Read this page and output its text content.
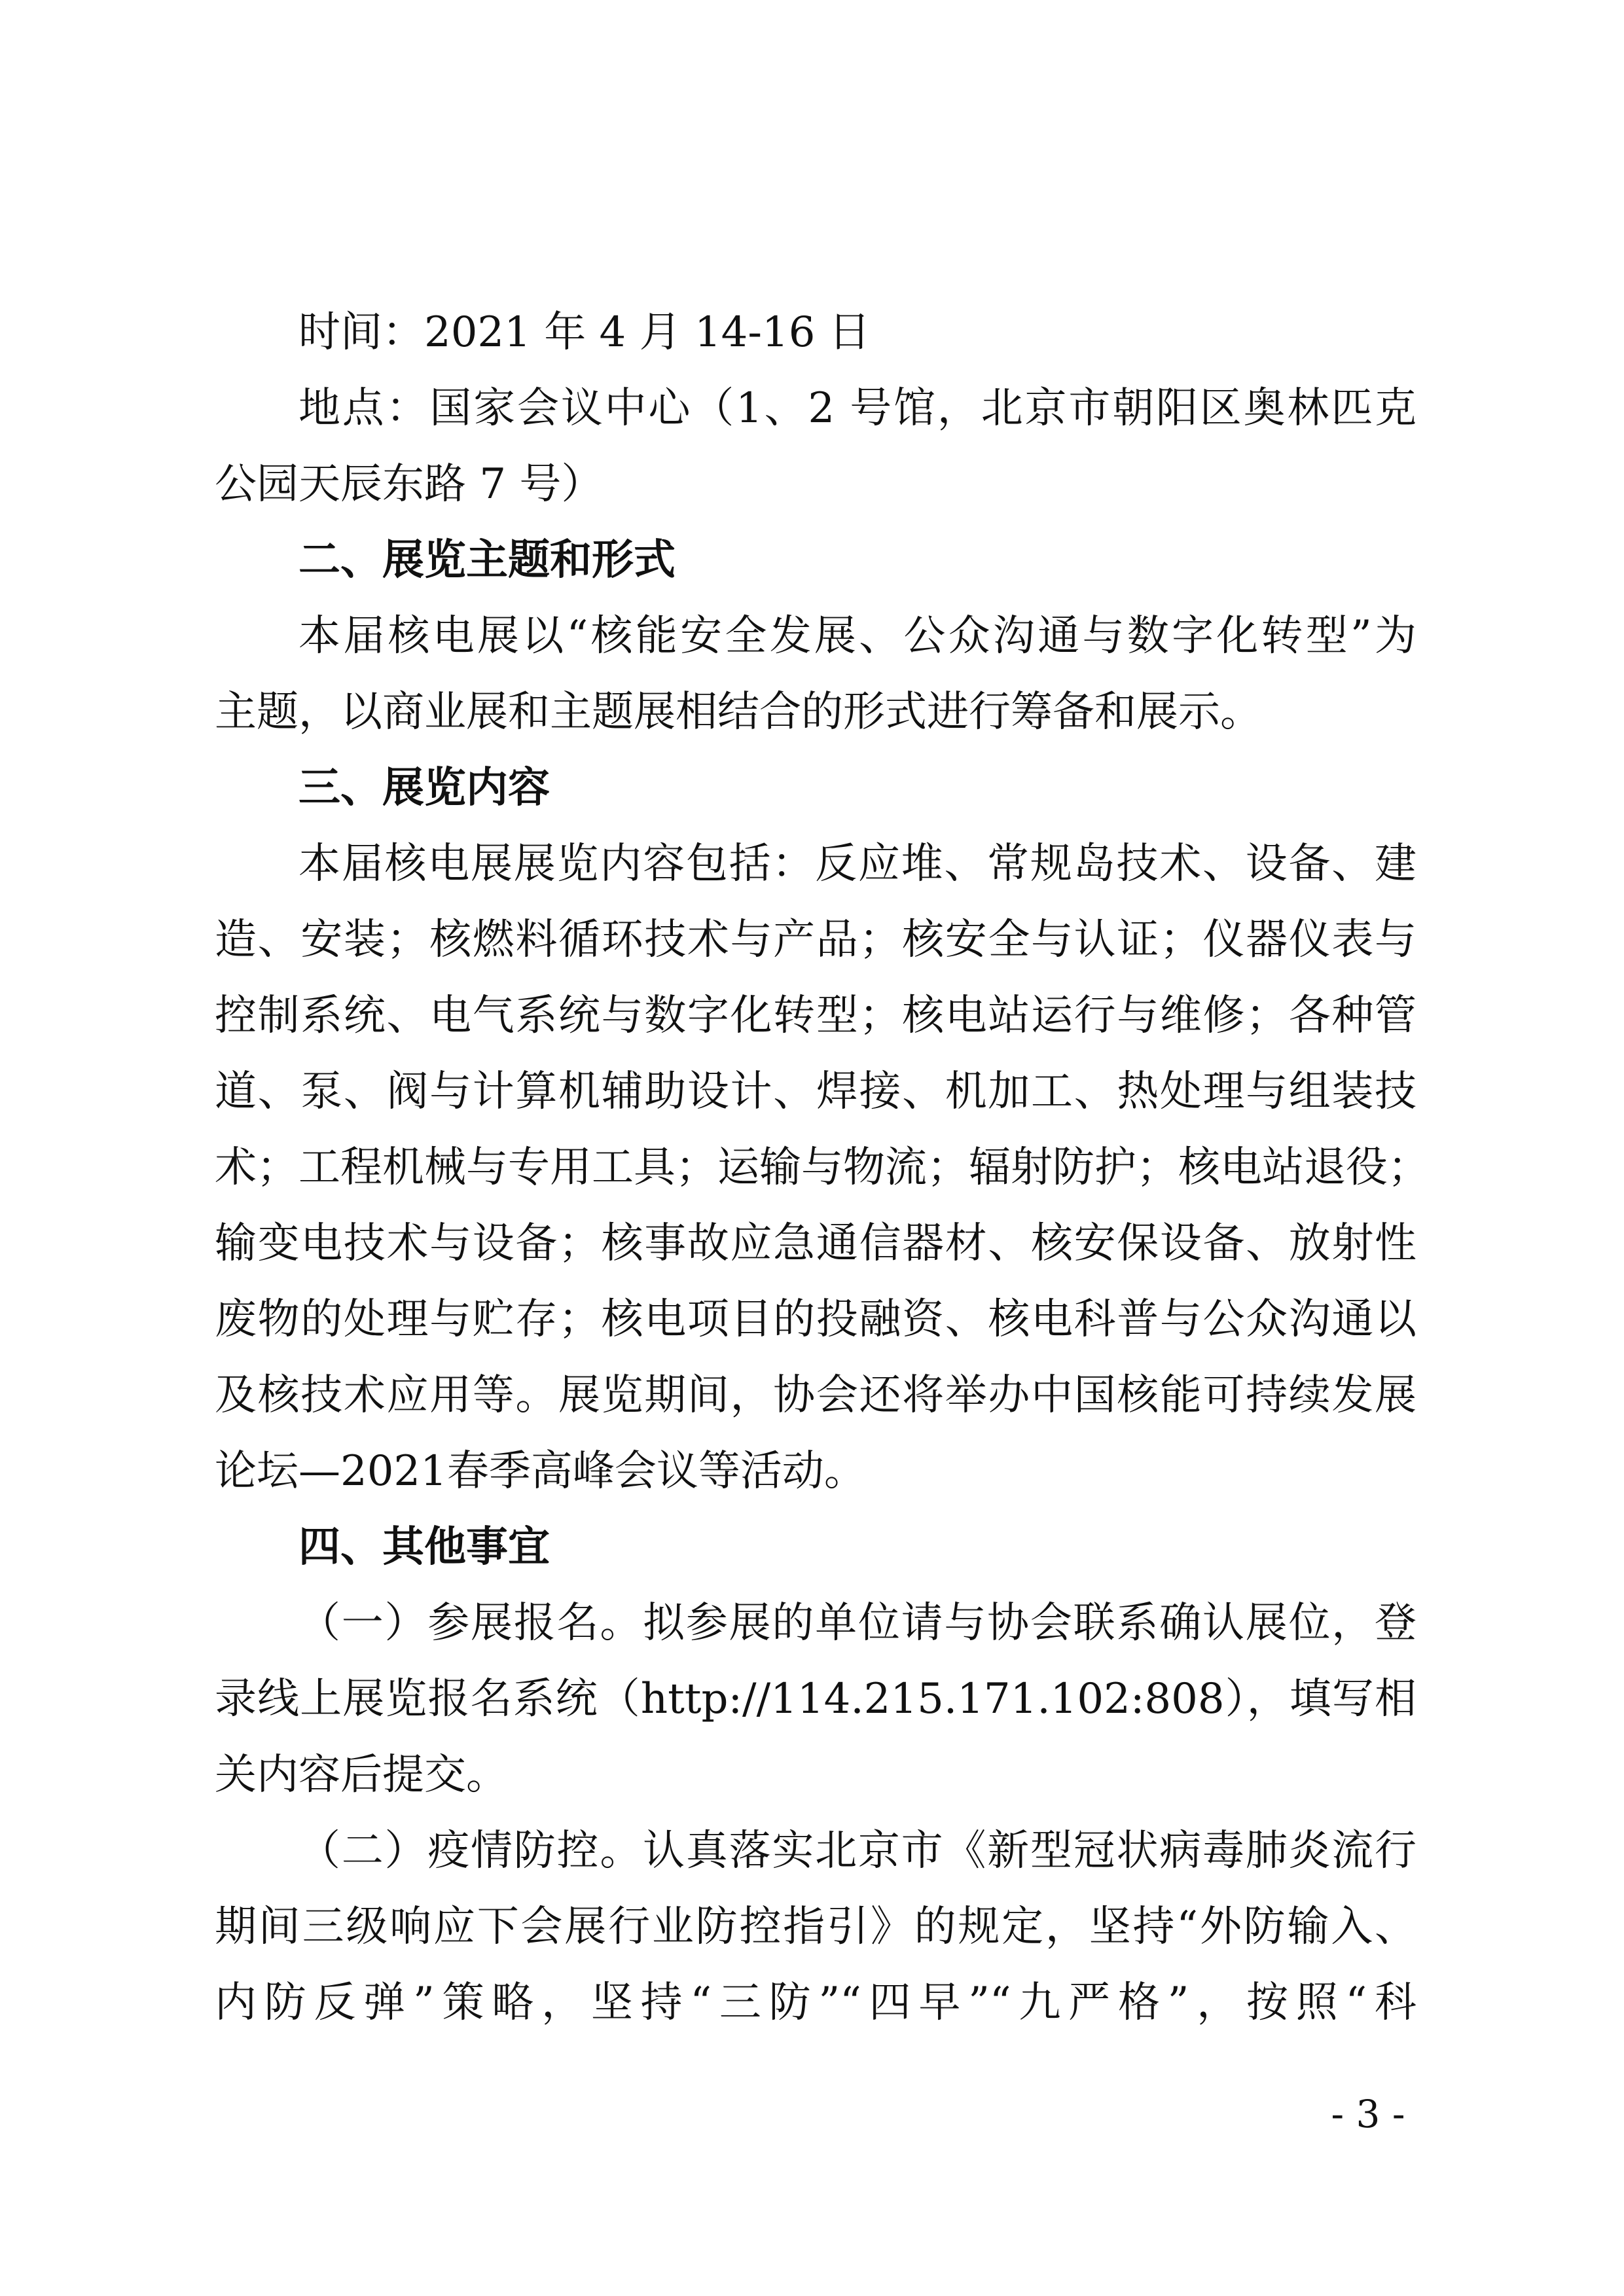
时间：2021 年 4 月 14-16 日
地点：国家会议中心（1、2 号馆，北京市朝阳区奥林匹克
公园天辰东路 7 号）
二、展览主题和形式
本届核电展以“核能安全发展、公众沟通与数字化转型”为
主题，以商业展和主题展相结合的形式进行筹备和展示。
三、展览内容
本届核电展展览内容包括：反应堆、常规岛技术、设备、建
造、安装；核燃料循环技术与产品；核安全与认证；仪器仪表与
控制系统、电气系统与数字化转型；核电站运行与维修；各种管
道、泵、阀与计算机辅助设计、焊接、机加工、热处理与组装技
术；工程机械与专用工具；运输与物流；辐射防护；核电站退役；
输变电技术与设备；核事故应急通信器材、核安保设备、放射性
废物的处理与贮存；核电项目的投融资、核电科普与公众沟通以
及核技术应用等。展览期间，协会还将举办中国核能可持续发展
论坛—2021春季高峰会议等活动。
四、其他事宜
（一）参展报名。拟参展的单位请与协会联系确认展位，登
录线上展览报名系统（http://114.215.171.102:808），填写相
关内容后提交。
（二）疫情防控。认真落实北京市《新型冠状病毒肺炎流行
期间三级响应下会展行业防控指引》的规定，坚持“外防输入、
内防反弹”策略，坚持“三防”“四早”“九严格”，按照“科
- 3 -
